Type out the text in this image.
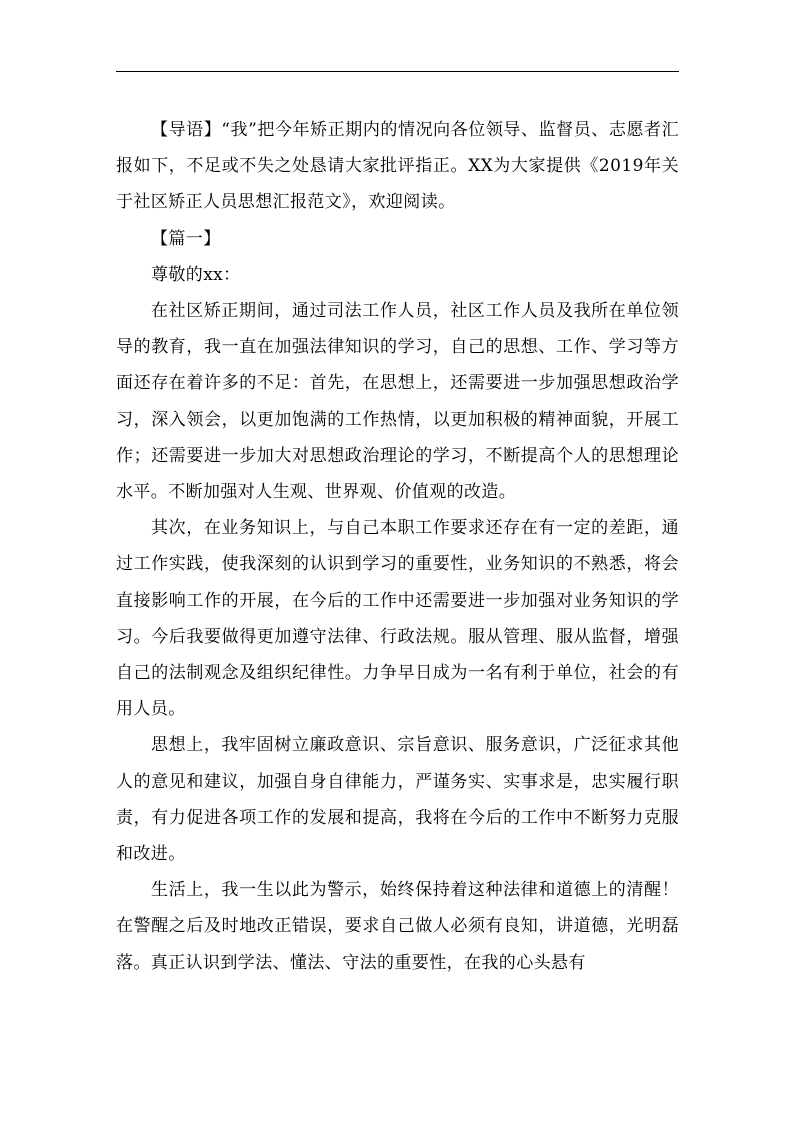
【导语】“我”把今年矫正期内的情况向各位领导、监督员、志愿者汇报如下，不足或不失之处恳请大家批评指正。XX为大家提供《2019年关于社区矫正人员思想汇报范文》，欢迎阅读。

【篇一】

尊敬的xx：

在社区矫正期间，通过司法工作人员，社区工作人员及我所在单位领导的教育，我一直在加强法律知识的学习，自己的思想、工作、学习等方面还存在着许多的不足：首先，在思想上，还需要进一步加强思想政治学习，深入领会，以更加饱满的工作热情，以更加积极的精神面貌，开展工作；还需要进一步加大对思想政治理论的学习，不断提高个人的思想理论水平。不断加强对人生观、世界观、价值观的改造。

其次，在业务知识上，与自己本职工作要求还存在有一定的差距，通过工作实践，使我深刻的认识到学习的重要性，业务知识的不熟悉，将会直接影响工作的开展，在今后的工作中还需要进一步加强对业务知识的学习。今后我要做得更加遵守法律、行政法规。服从管理、服从监督，增强自己的法制观念及组织纪律性。力争早日成为一名有利于单位，社会的有用人员。

思想上，我牢固树立廉政意识、宗旨意识、服务意识，广泛征求其他人的意见和建议，加强自身自律能力，严谨务实、实事求是，忠实履行职责，有力促进各项工作的发展和提高，我将在今后的工作中不断努力克服和改进。

生活上，我一生以此为警示，始终保持着这种法律和道德上的清醒！在警醒之后及时地改正错误，要求自己做人必须有良知，讲道德，光明磊落。真正认识到学法、懂法、守法的重要性，在我的心头悬有
